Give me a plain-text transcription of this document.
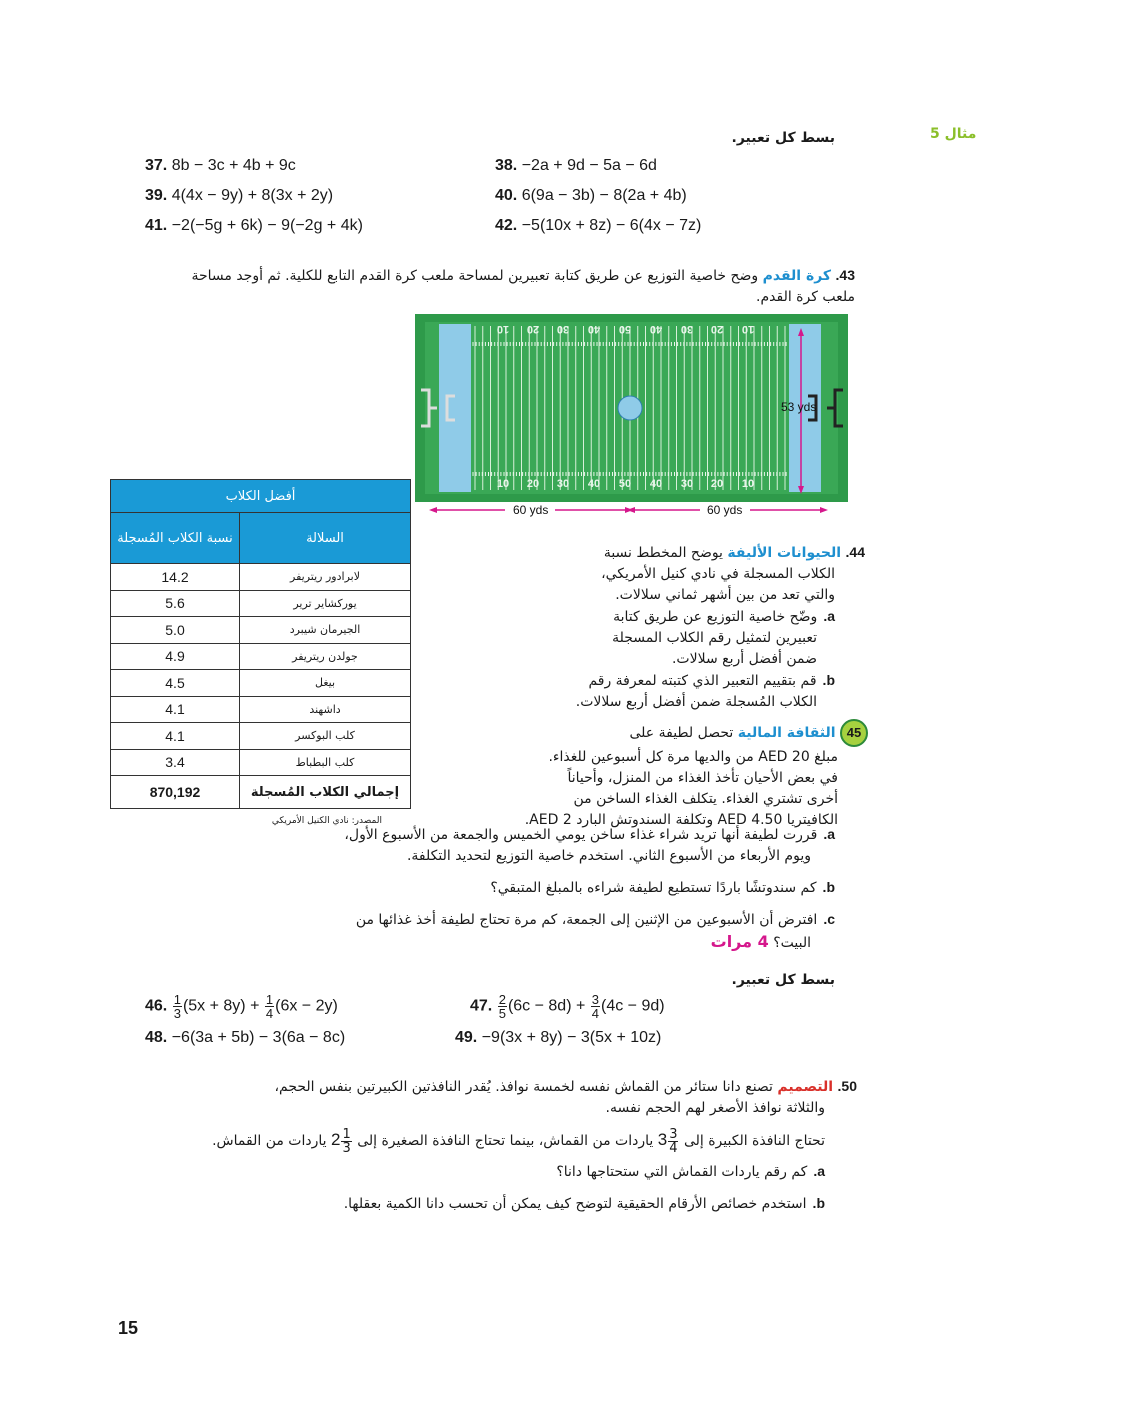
مثال 5
بسط كل تعبير.
37. 8b − 3c + 4b + 9c	38. −2a + 9d − 5a − 6d
39. 4(4x − 9y) + 8(3x + 2y)	40. 6(9a − 3b) − 8(2a + 4b)
41. −2(−5g + 6k) − 9(−2g + 4k)	42. −5(10x + 8z) − 6(4x − 7z)
43. كرة القدم وضح خاصية التوزيع عن طريق كتابة تعبيرين لمساحة ملعب كرة القدم التابع للكلية. ثم أوجد مساحة ملعب كرة القدم.
10 20 30 40 50 40 30 20 10
10 20 30 40 50 40 30 20 10
53 yds
60 yds	60 yds
أفضل الكلاب	
السلالة	نسبة الكلاب المُسجلة
لابرادور ريتريفر	14.2
يوركشاير ترير	5.6
الجيرمان شيبرد	5.0
جولدن ريتريفر	4.9
بيغل	4.5
داشهند	4.1
كلب البوكسر	4.1
كلب البطباط	3.4
إجمالي الكلاب المُسجلة	870,192
المصدر: نادي الكنيل الأمريكي
44. الحيوانات الأليفة يوضح المخطط نسبة
الكلاب المسجلة في نادي كنيل الأمريكي،
والتي تعد من بين أشهر ثماني سلالات.
a.وضّح خاصية التوزيع عن طريق كتابة
تعبيرين لتمثيل رقم الكلاب المسجلة
ضمن أفضل أربع سلالات.
b.قم بتقييم التعبير الذي كتبته لمعرفة رقم
الكلاب المُسجلة ضمن أفضل أربع سلالات.
45 الثقافة المالية تحصل لطيفة على
مبلغ 20 AED من والديها مرة كل أسبوعين للغذاء.
في بعض الأحيان تأخذ الغذاء من المنزل، وأحياناً
أخرى تشتري الغذاء. يتكلف الغذاء الساخن من
الكافيتريا 4.50 AED وتكلفة السندوتش البارد 2 AED.
a.قررت لطيفة أنها تريد شراء غذاء ساخن يومي الخميس والجمعة من الأسبوع الأول،
ويوم الأربعاء من الأسبوع الثاني. استخدم خاصية التوزيع لتحديد التكلفة.
b.كم سندوتشًا باردًا تستطيع لطيفة شراءه بالمبلغ المتبقي؟
c.افترض أن الأسبوعين من الإثنين إلى الجمعة، كم مرة تحتاج لطيفة أخذ غذائها من
البيت؟ 4 مرات
بسط كل تعبير.
46. $\frac{1}{3} (5x + 8y) + \frac{1}{4} (6x - 2y)$	47. $\frac{2}{5} (6c - 8d) + \frac{3}{4} (4c - 9d)$
48. −6(3a + 5b) − 3(6a − 8c)	49. −9(3x + 8y) − 3(5x + 10z)
50. التصميم تصنع دانا ستائر من القماش نفسه لخمسة نوافذ. يُقدر النافذتين الكبيرتين بنفس الحجم،
والثلاثة نوافذ الأصغر لهم الحجم نفسه.
تحتاج النافذة الكبيرة إلى $3 \frac{3}{4}$
ياردات من القماش، بينما تحتاج النافذة الصغيرة إلى $2 \frac{1}{3}$
ياردات من القماش.
a.كم رقم ياردات القماش التي ستحتاجها دانا؟
b.استخدم خصائص الأرقام الحقيقية لتوضح كيف يمكن أن تحسب دانا الكمية بعقلها.
15
